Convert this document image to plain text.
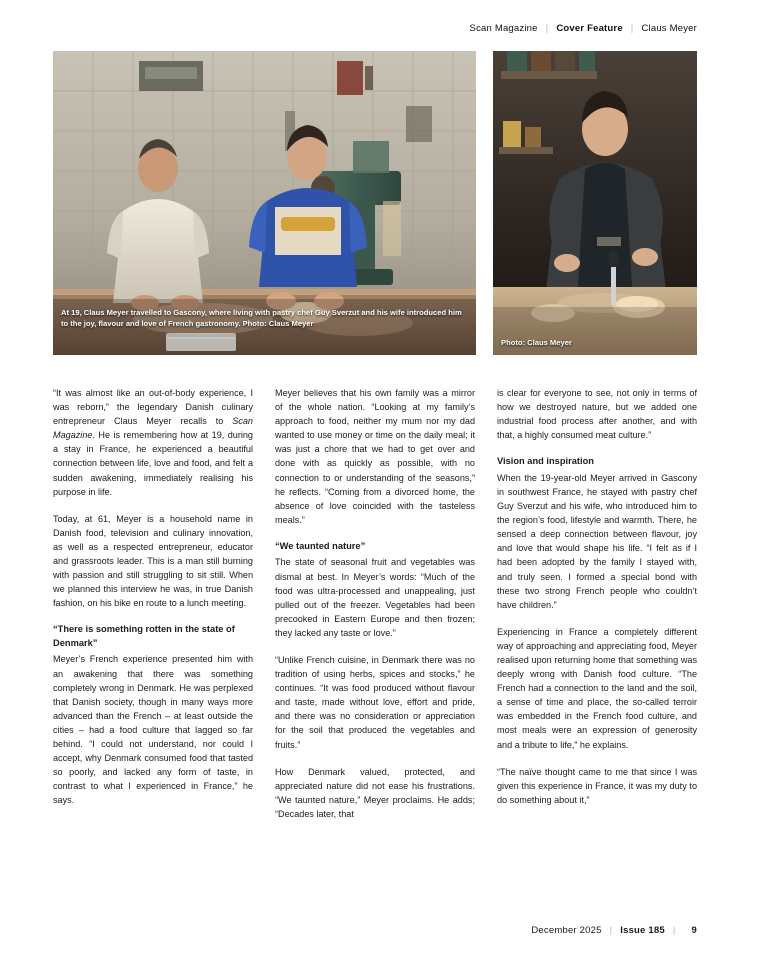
Scan Magazine | Cover Feature | Claus Meyer
At 19, Claus Meyer travelled to Gascony, where living with pastry chef Guy Sverzut and his wife introduced him to the joy, flavour and love of French gastronomy. Photo: Claus Meyer
Photo: Claus Meyer

“It was almost like an out-of-body experience, I was reborn,” the legendary Danish culinary entrepreneur Claus Meyer recalls to Scan Magazine. He is remembering how at 19, during a stay in France, he experienced a beautiful connection between life, love and food, and felt a sudden awakening, immediately realising his purpose in life.

Today, at 61, Meyer is a household name in Danish food, television and culinary innovation, as well as a respected entrepreneur, educator and grassroots leader. This is a man still burning with passion and still struggling to sit still. When we planned this interview he was, in true Danish fashion, on his bike en route to a lunch meeting.

“There is something rotten in the state of Denmark”

Meyer’s French experience presented him with an awakening that there was something completely wrong in Denmark. He was perplexed that Danish society, though in many ways more advanced than the French – at least outside the cities – had a food culture that lagged so far behind. “I could not understand, nor could I accept, why Denmark consumed food that tasted so poorly, and lacked any form of taste, in contrast to what I experienced in France,” he says.

Meyer believes that his own family was a mirror of the whole nation. “Looking at my family’s approach to food, neither my mum nor my dad wanted to use money or time on the daily meal; it was just a chore that we had to get over and done with as quickly as possible, with no connection to or understanding of the seasons,” he reflects. “Coming from a divorced home, the absence of love coincided with the tasteless meals.”

“We taunted nature”

The state of seasonal fruit and vegetables was dismal at best. In Meyer’s words: “Much of the food was ultra-processed and unappealing, just pulled out of the freezer. Vegetables had been precooked in Eastern Europe and then frozen; they lacked any taste or love.”

“Unlike French cuisine, in Denmark there was no tradition of using herbs, spices and stocks,” he continues. “It was food produced without flavour and taste, made without love, effort and pride, and there was no consideration or appreciation for the soil that produced the vegetables and fruits.”

How Denmark valued, protected, and appreciated nature did not ease his frustrations. “We taunted nature,” Meyer proclaims. He adds; “Decades later, that

is clear for everyone to see, not only in terms of how we destroyed nature, but we added one industrial food process after another, and with that, a highly consumed meat culture.”

Vision and inspiration

When the 19-year-old Meyer arrived in Gascony in southwest France, he stayed with pastry chef Guy Sverzut and his wife, who introduced him to the region’s food, lifestyle and warmth. There, he sensed a deep connection between flavour, joy and love that would shape his life. “I felt as if I had been adopted by the family I stayed with, and truly seen. I formed a special bond with these two strong French people who couldn’t have children.”

Experiencing in France a completely different way of approaching and appreciating food, Meyer realised upon returning home that something was deeply wrong with Danish food culture. “The French had a connection to the land and the soil, a sense of time and place, the so-called terroir was embedded in the French food culture, and most meals were an expression of generosity and a tribute to life,” he explains.

“The naïve thought came to me that since I was given this experience in France, it was my duty to do something about it,”

December 2025 | Issue 185 | 9
